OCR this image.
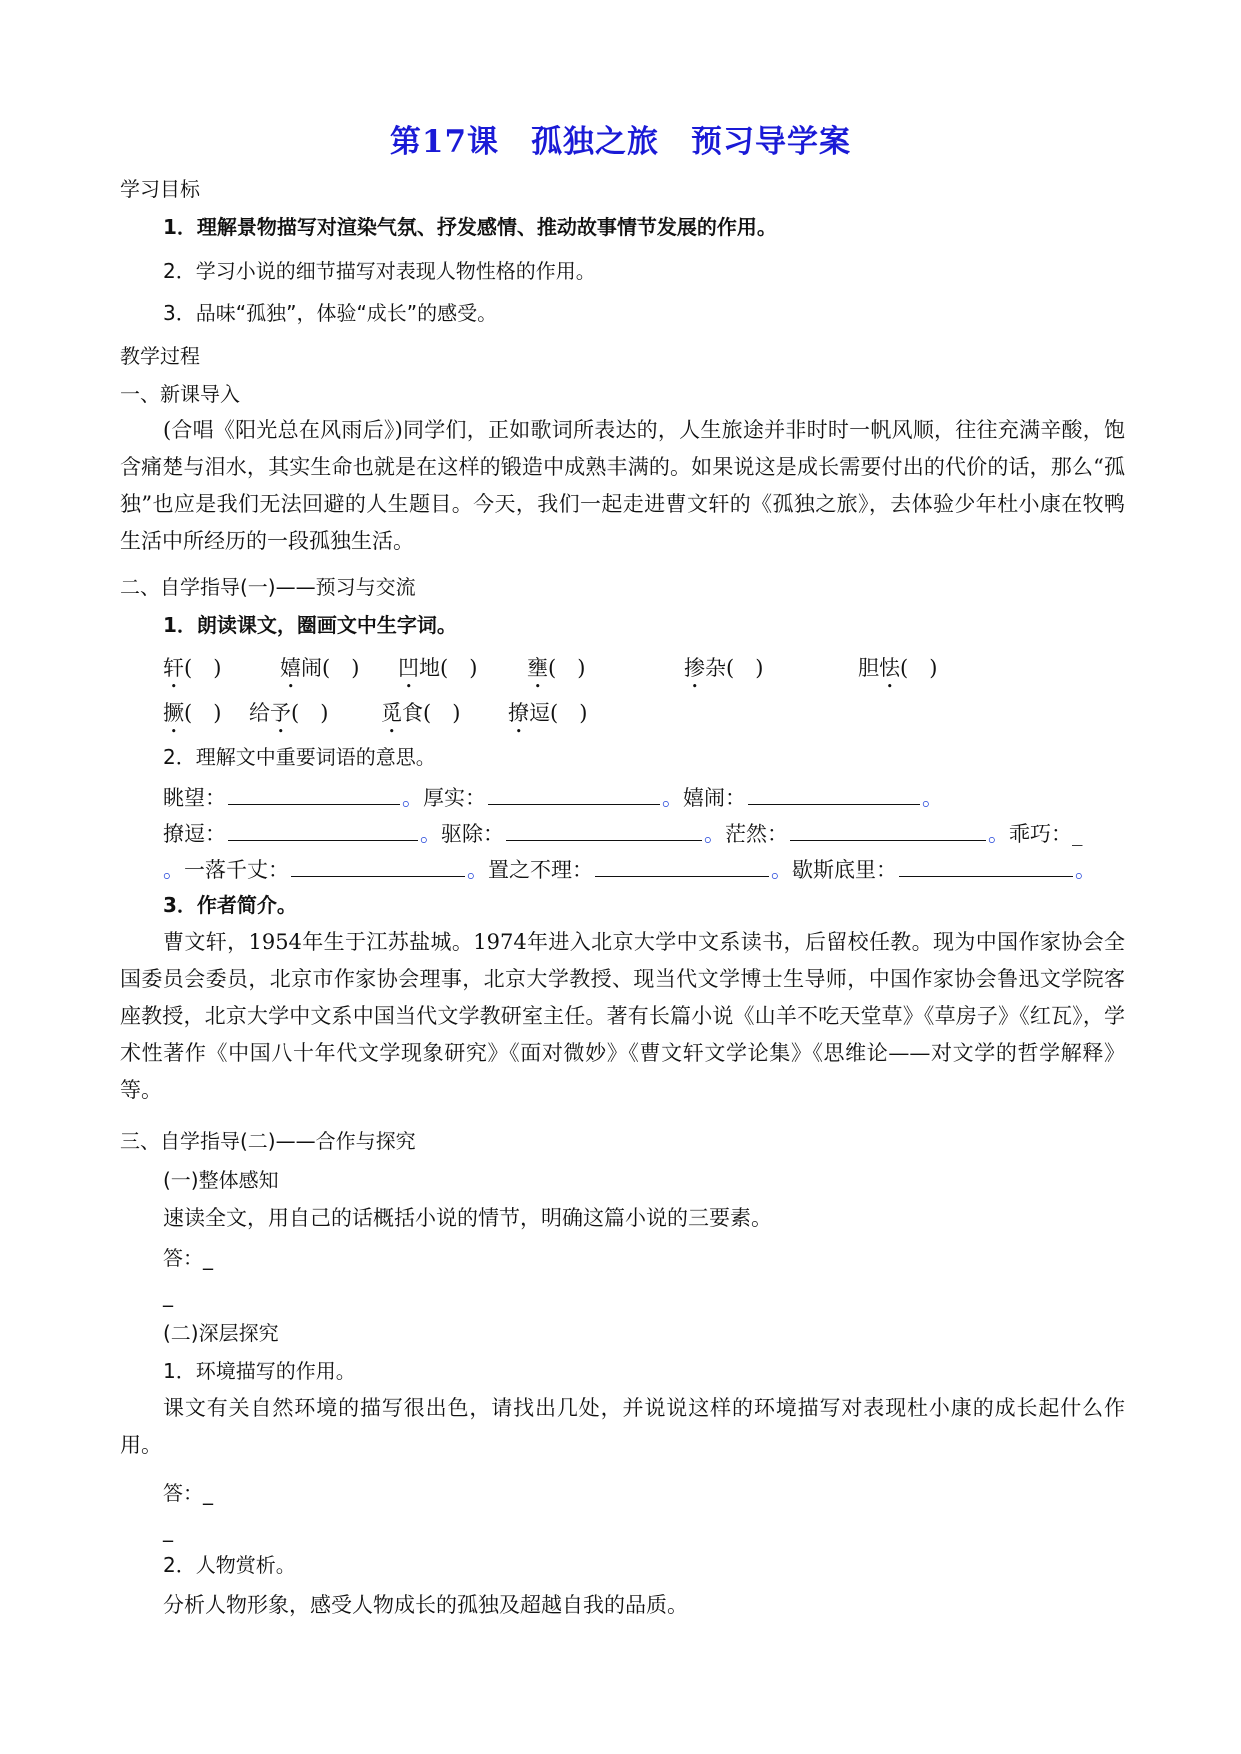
第17课　孤独之旅　预习导学案
学习目标
1．理解景物描写对渲染气氛、抒发感情、推动故事情节发展的作用。
2．学习小说的细节描写对表现人物性格的作用。
3．品味“孤独”，体验“成长”的感受。
教学过程
一、新课导入
(合唱《阳光总在风雨后》)同学们，正如歌词所表达的，人生旅途并非时时一帆风顺，往往充满辛酸，饱含痛楚与泪水，其实生命也就是在这样的锻造中成熟丰满的。如果说这是成长需要付出的代价的话，那么“孤独”也应是我们无法回避的人生题目。今天，我们一起走进曹文轩的《孤独之旅》，去体验少年杜小康在牧鸭生活中所经历的一段孤独生活。
二、自学指导(一)——预习与交流
1．朗读课文，圈画文中生字词。
轩(　)	嬉闹(　) 凹地(　) 壅(　)	掺杂(　)	胆怯(　)
撅(　) 给予(　)	觅食(　) 撩逗(　)
2．理解文中重要词语的意思。
眺望：	。厚实：	。嬉闹：	。
撩逗：	。驱除：	。茫然：	。乖巧：_
。一落千丈：	。置之不理：	。歇斯底里：	。
3．作者简介。
曹文轩，1954年生于江苏盐城。1974年进入北京大学中文系读书，后留校任教。现为中国作家协会全国委员会委员，北京市作家协会理事，北京大学教授、现当代文学博士生导师，中国作家协会鲁迅文学院客座教授，北京大学中文系中国当代文学教研室主任。著有长篇小说《山羊不吃天堂草》《草房子》《红瓦》，学术性著作《中国八十年代文学现象研究》《面对微妙》《曹文轩文学论集》《思维论——对文学的哲学解释》等。
三、自学指导(二)——合作与探究
(一)整体感知
速读全文，用自己的话概括小说的情节，明确这篇小说的三要素。
答：_
_
(二)深层探究
1．环境描写的作用。
课文有关自然环境的描写很出色，请找出几处，并说说这样的环境描写对表现杜小康的成长起什么作用。
答：_
_
2．人物赏析。
分析人物形象，感受人物成长的孤独及超越自我的品质。
